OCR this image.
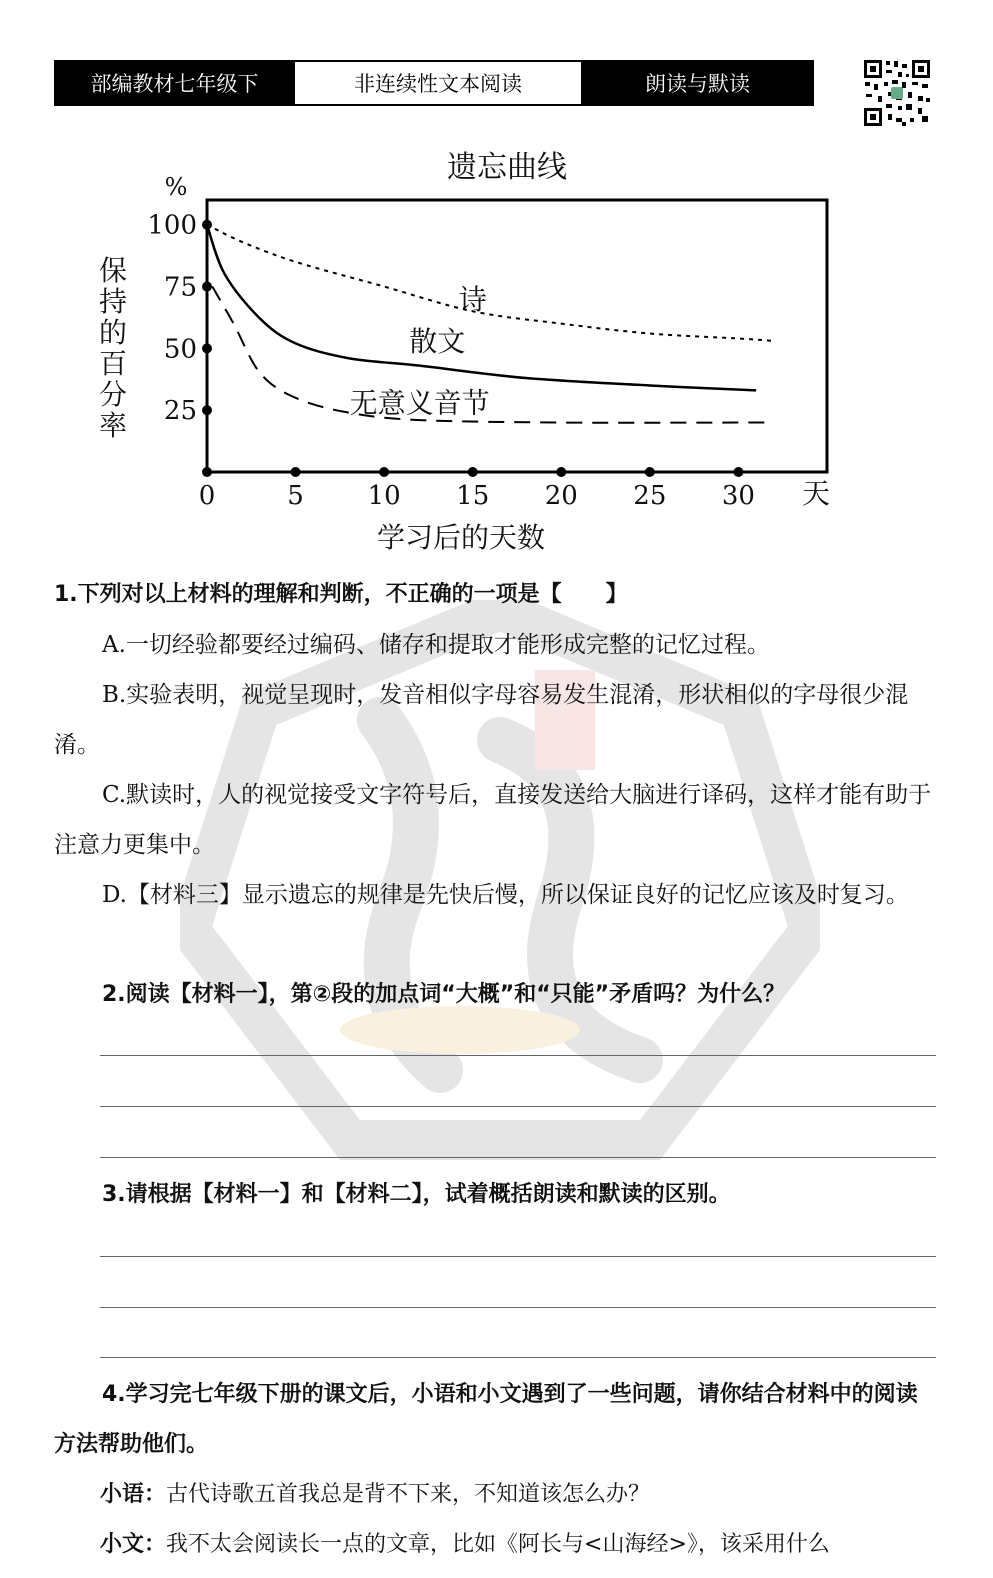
部编教材七年级下	非连续性文本阅读	朗读与默读
遗忘曲线
%
保持的百分率
学习后的天数
天
0	5 10 15 20 25 30
100
75
50
25
诗
散文
无意义音节
1.下列对以上材料的理解和判断，不正确的一项是【　　】
A.一切经验都要经过编码、储存和提取才能形成完整的记忆过程。
B.实验表明，视觉呈现时，发音相似字母容易发生混淆，形状相似的字母很少混淆。
C.默读时，人的视觉接受文字符号后，直接发送给大脑进行译码，这样才能有助于注意力更集中。
D.【材料三】显示遗忘的规律是先快后慢，所以保证良好的记忆应该及时复习。
2.阅读【材料一】，第②段的加点词“大概”和“只能”矛盾吗？为什么？
3.请根据【材料一】和【材料二】，试着概括朗读和默读的区别。
4.学习完七年级下册的课文后，小语和小文遇到了一些问题，请你结合材料中的阅读方法帮助他们。
小语：古代诗歌五首我总是背不下来，不知道该怎么办？
小文：我不太会阅读长一点的文章，比如《阿长与<山海经>》，该采用什么
